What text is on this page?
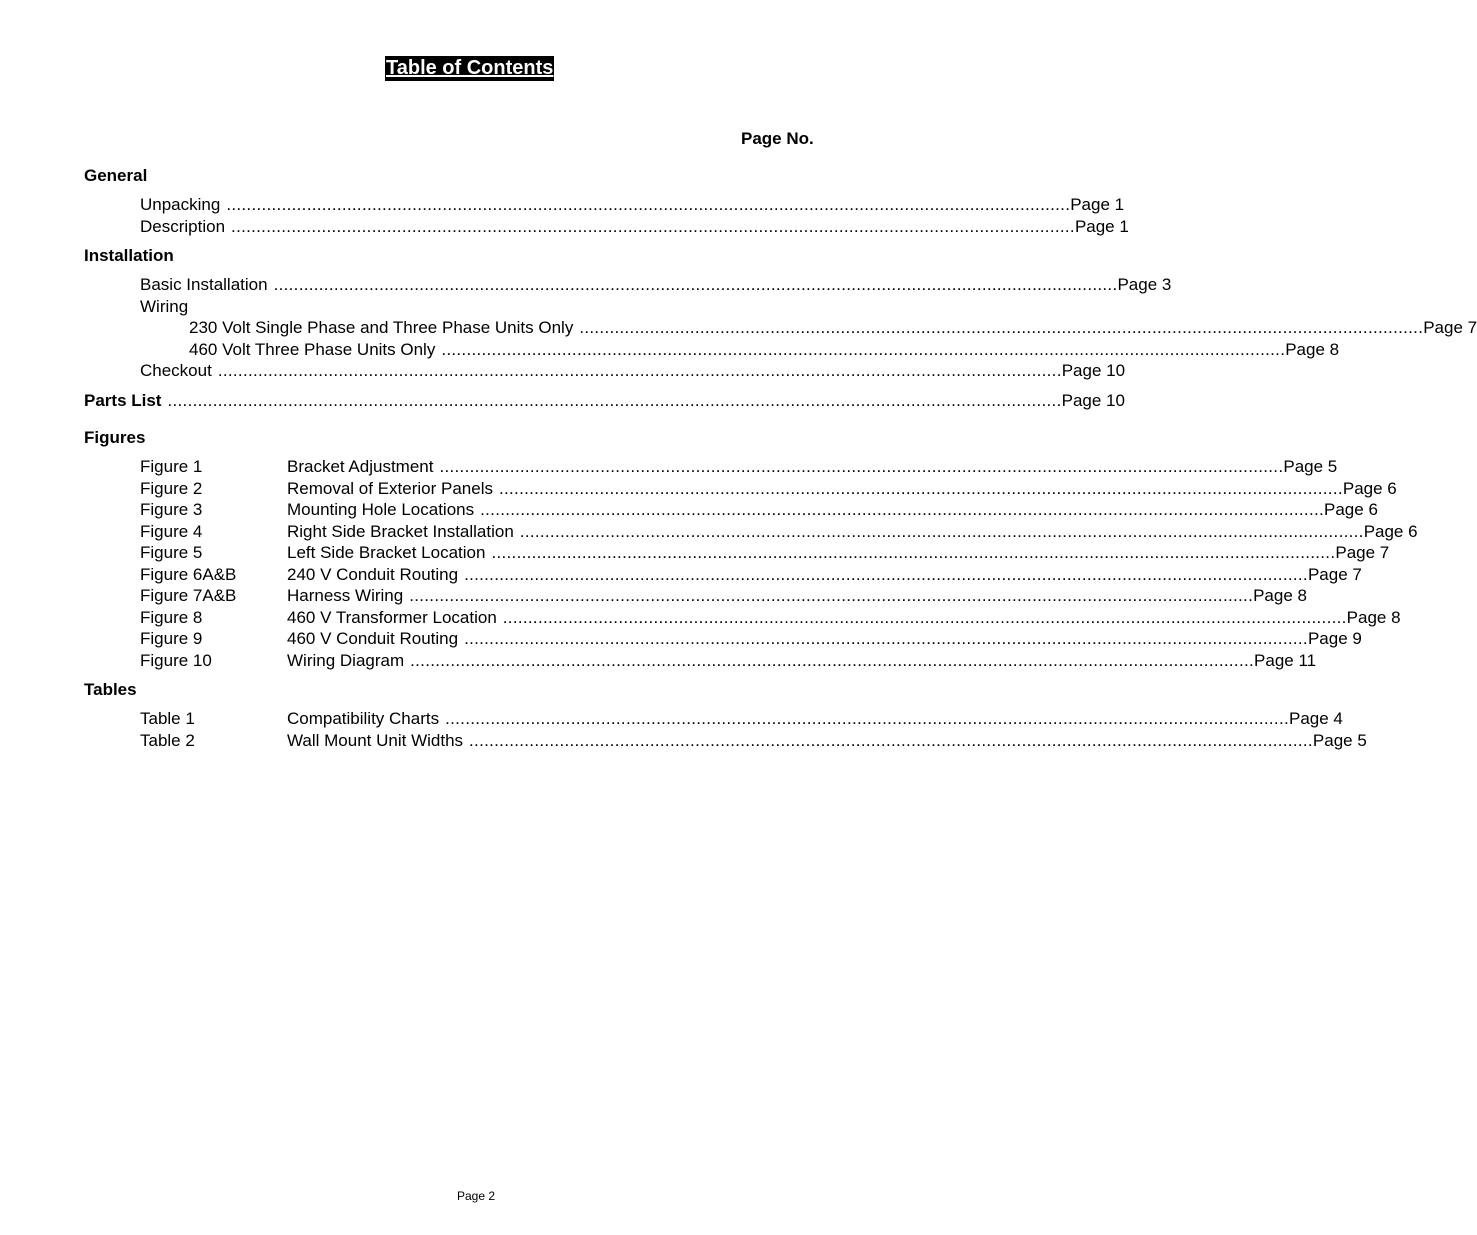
Table of Contents
Page No.
General
Unpacking ........................................................................................................................................................................ Page 1
Description ........................................................................................................................................................................ Page 1
Installation
Basic Installation ........................................................................................................................................................................ Page 3
Wiring
230 Volt Single Phase and Three Phase Units Only ........................................................................................................................................................................ Page 7
460 Volt Three Phase Units Only ........................................................................................................................................................................ Page 8
Checkout ........................................................................................................................................................................ Page 10
Parts List .................................................................................................................................................................................. Page 10
Figures
Figure 1	Bracket Adjustment ........................................................................................................................................................................ Page 5
Figure 2	Removal of Exterior Panels ........................................................................................................................................................................ Page 6
Figure 3	Mounting Hole Locations ........................................................................................................................................................................ Page 6
Figure 4	Right Side Bracket Installation ........................................................................................................................................................................ Page 6
Figure 5	Left Side Bracket Location ........................................................................................................................................................................ Page 7
Figure 6A&B	240 V Conduit Routing ........................................................................................................................................................................ Page 7
Figure 7A&B	Harness Wiring ........................................................................................................................................................................ Page 8
Figure 8	460 V Transformer Location ........................................................................................................................................................................ Page 8
Figure 9	460 V Conduit Routing ........................................................................................................................................................................ Page 9
Figure 10	Wiring Diagram ........................................................................................................................................................................ Page 11
Tables
Table 1	Compatibility Charts ........................................................................................................................................................................ Page 4
Table 2	Wall Mount Unit Widths ........................................................................................................................................................................ Page 5
Page 2
